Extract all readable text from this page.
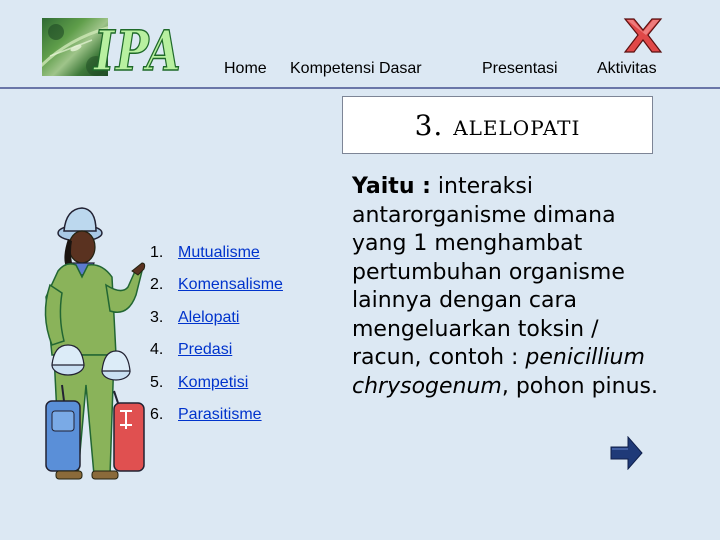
IPA	Home Kompetensi Dasar	Presentasi Aktivitas
3. alelopati
1. Mutualisme
2. Komensalisme
3. Alelopati
4. Predasi
5. Kompetisi
6. Parasitisme
Yaitu : interaksi antarorganisme dimana yang 1 menghambat pertumbuhan organisme lainnya dengan cara mengeluarkan toksin / racun, contoh : penicillium chrysogenum, pohon pinus.
